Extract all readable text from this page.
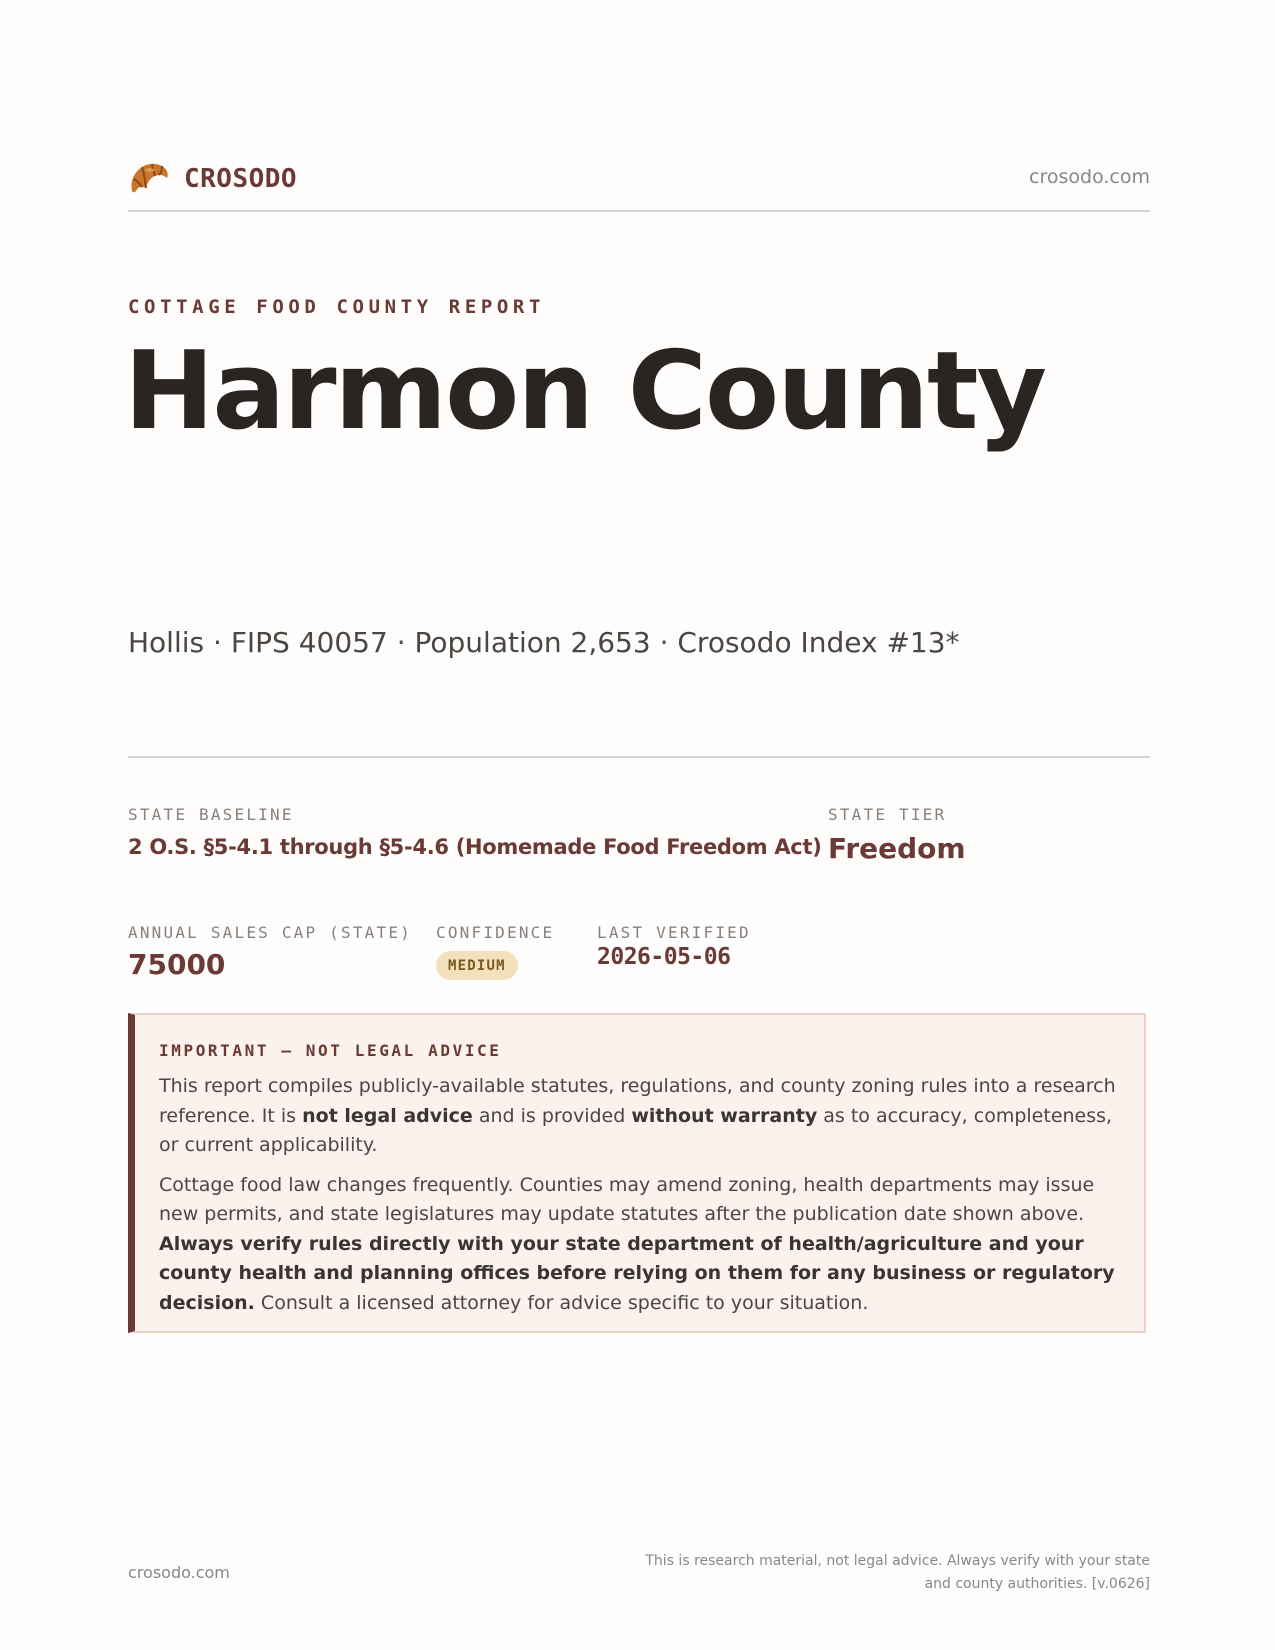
CROSODO	crosodo.com
COTTAGE FOOD COUNTY REPORT
Harmon County
Hollis · FIPS 40057 · Population 2,653 · Crosodo Index #13*
STATE BASELINE
2 O.S. §5-4.1 through §5-4.6 (Homemade Food Freedom Act)
STATE TIER
Freedom
ANNUAL SALES CAP (STATE)
75000
CONFIDENCE
MEDIUM
LAST VERIFIED
2026-05-06
IMPORTANT — NOT LEGAL ADVICE

This report compiles publicly-available statutes, regulations, and county zoning rules into a research reference. It is not legal advice and is provided without warranty as to accuracy, completeness, or current applicability.

Cottage food law changes frequently. Counties may amend zoning, health departments may issue new permits, and state legislatures may update statutes after the publication date shown above. Always verify rules directly with your state department of health/agriculture and your county health and planning offices before relying on them for any business or regulatory decision. Consult a licensed attorney for advice specific to your situation.

crosodo.com
This is research material, not legal advice. Always verify with your state
and county authorities. [v.0626]
